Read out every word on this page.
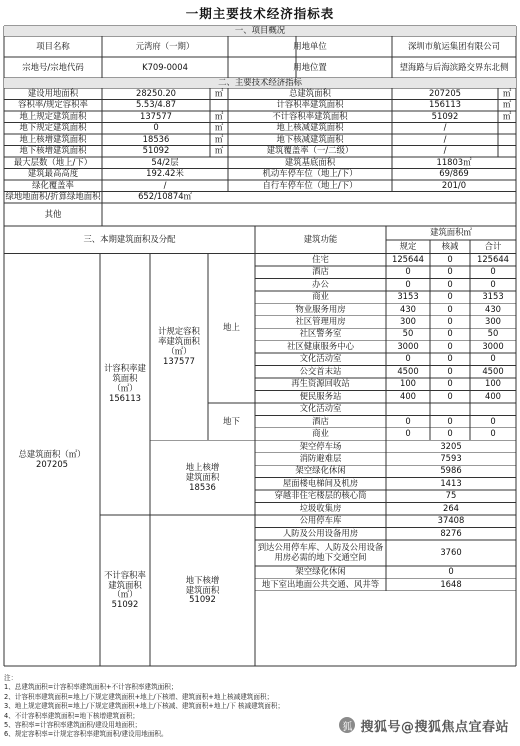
一期主要技术经济指标表
一、项目概况
项目名称	元湾府（一期）	用地单位	深圳市航运集团有限公司
宗地号/宗地代码	K709-0004	用地位置	望海路与后海滨路交界东北侧
二、主要技术经济指标
建设用地面积	28250.20	㎡	总建筑面积	207205	㎡
容积率/规定容积率	5.53/4.87	计容积率建筑面积	156113	㎡
地上规定建筑面积	137577	㎡	不计容积率建筑面积	51092	㎡
地下规定建筑面积	0	㎡	地上核减建筑面积	/
地上核增建筑面积	18536	㎡	地下核减建筑面积	/
地下核增建筑面积	51092	㎡	建筑覆盖率（一/二级）	/
最大层数（地上/下）	54/2层	建筑基底面积	11803㎡
建筑最高高度	192.42米	机动车停车位（地上/下）	69/869
绿化覆盖率	/	自行车停车位（地上/下）	201/0
绿地地面积/折算绿地面积	652/10874㎡
其他
三、本期建筑面积及分配	建筑功能
建筑面积㎡
规定	核减	合计
住宅	125644	0	125644
酒店	0	0	0
办公	0	0	0
商业	3153	0	3153
物业服务用房	430	0	430
社区管理用房	300	0	300
社区警务室	50	0	50
社区健康服务中心	3000	0	3000
文化活动室	0	0	0
公交首末站	4500	0	4500
再生资源回收站	100	0	100
便民服务站	400	0	400
文化活动室
酒店	0	0	0
商业	0	0	0
计规定容积
率建筑面积
（㎡）
137577
地上
地下
架空停车场	3205
消防避难层	7593
架空绿化休闲	5986
屋面楼电梯间及机房	1413
穿越非住宅楼层的核心筒	75
垃圾收集房	264
地上核增
建筑面积
18536
公用停车库	37408
人防及公用设备用房	8276
到达公用停车库、人防及公用设备
用房必需的地下交通空间	3760
架空绿化休闲	0
地下室出地面公共交通、风井等	1648
计容积率建
筑面积
（㎡）
156113
不计容积率
建筑面积
（㎡）
51092
地下核增
建筑面积
51092
总建筑面积（㎡）
207205
注：
1、总建筑面积=计容积率建筑面积+不计容积率建筑面积；
2、计容积率建筑面积=地上/下规定建筑面积+地上/下核增、建筑面积+地上核减建筑面积；
3、地上规定建筑面积=地上/下规定建筑面积+地上/下核减、建筑面积+地上/下 核减建筑面积；
4、不计容积率建筑面积=地下核增建筑面积；
5、容积率=计容积率建筑面积/建设用地面积；
6、规定容积率=计规定容积率建筑面积/建设用地面积。
狐 搜狐号@搜狐焦点宜春站
